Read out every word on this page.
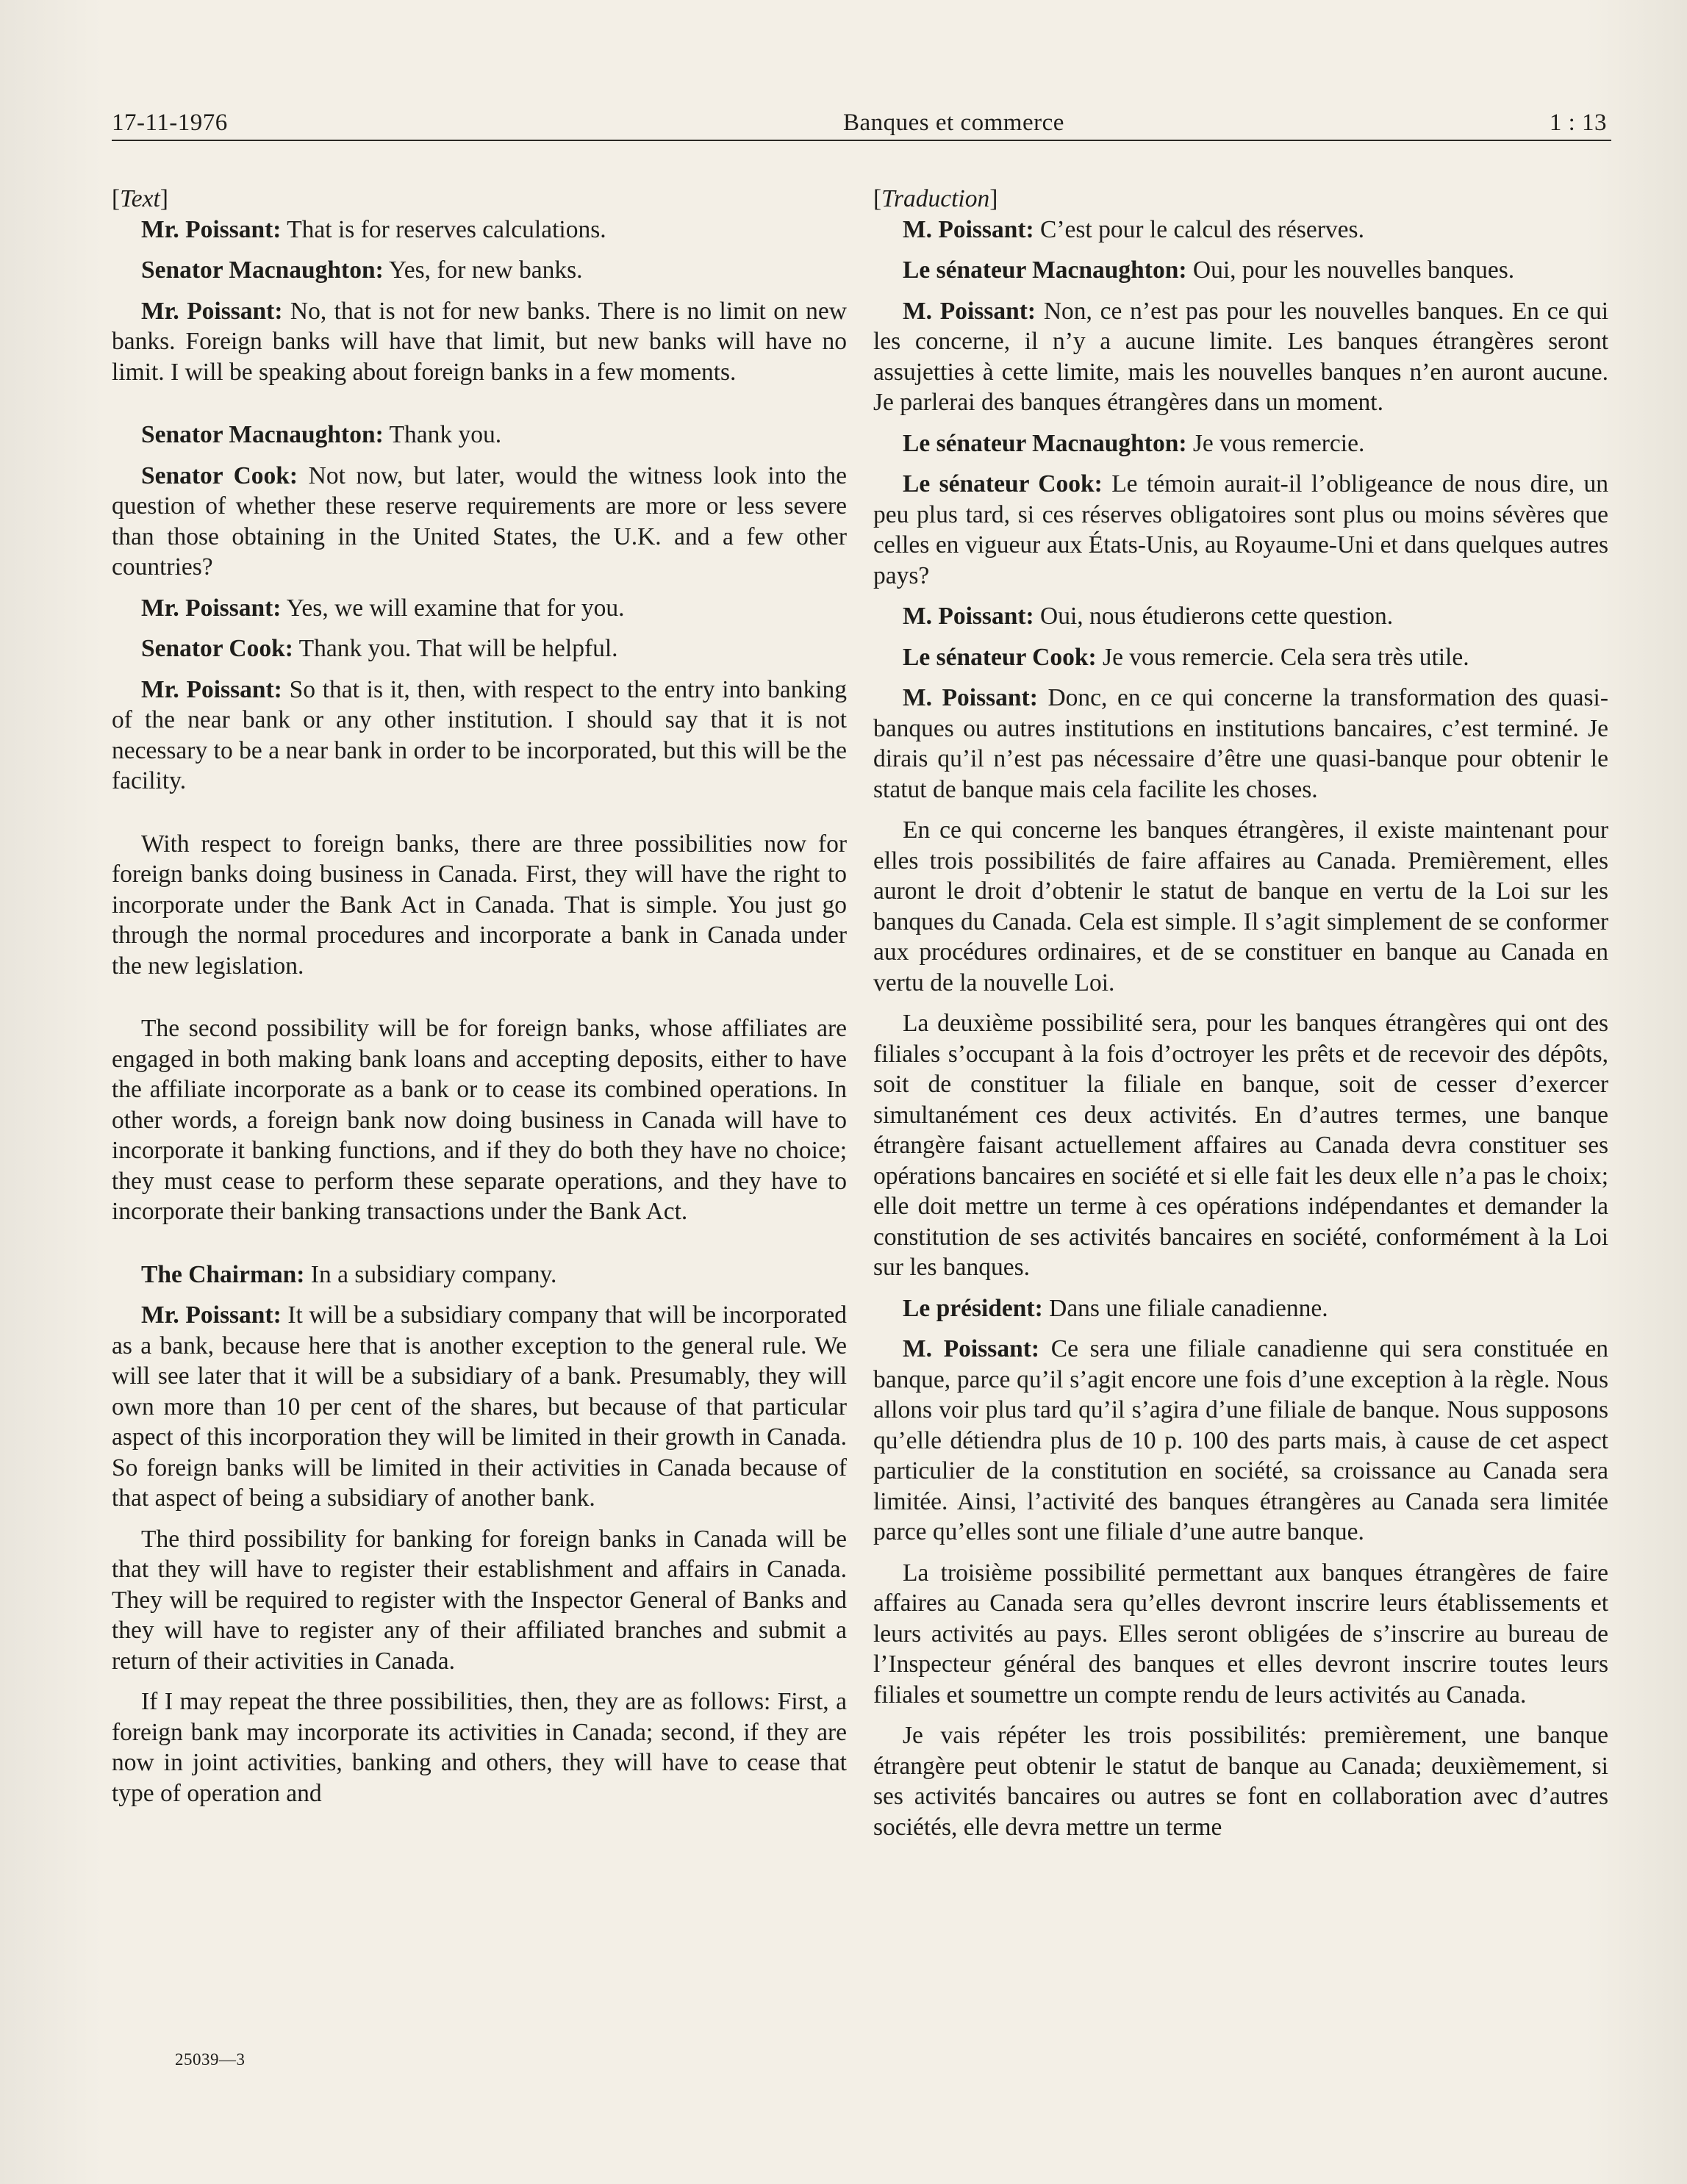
17-11-1976	Banques et commerce	1 : 13

[Text]

Mr. Poissant: That is for reserves calculations.

Senator Macnaughton: Yes, for new banks.

Mr. Poissant: No, that is not for new banks. There is no limit on new banks. Foreign banks will have that limit, but new banks will have no limit. I will be speaking about foreign banks in a few moments.

Senator Macnaughton: Thank you.

Senator Cook: Not now, but later, would the witness look into the question of whether these reserve requirements are more or less severe than those obtaining in the United States, the U.K. and a few other countries?

Mr. Poissant: Yes, we will examine that for you.

Senator Cook: Thank you. That will be helpful.

Mr. Poissant: So that is it, then, with respect to the entry into banking of the near bank or any other institution. I should say that it is not necessary to be a near bank in order to be incorporated, but this will be the facility.

With respect to foreign banks, there are three possibilities now for foreign banks doing business in Canada. First, they will have the right to incorporate under the Bank Act in Canada. That is simple. You just go through the normal procedures and incorporate a bank in Canada under the new legislation.

The second possibility will be for foreign banks, whose affiliates are engaged in both making bank loans and accepting deposits, either to have the affiliate incorporate as a bank or to cease its combined operations. In other words, a foreign bank now doing business in Canada will have to incorporate it banking functions, and if they do both they have no choice; they must cease to perform these separate operations, and they have to incorporate their banking transactions under the Bank Act.

The Chairman: In a subsidiary company.

Mr. Poissant: It will be a subsidiary company that will be incorporated as a bank, because here that is another exception to the general rule. We will see later that it will be a subsidiary of a bank. Presumably, they will own more than 10 per cent of the shares, but because of that particular aspect of this incorporation they will be limited in their growth in Canada. So foreign banks will be limited in their activities in Canada because of that aspect of being a subsidiary of another bank.

The third possibility for banking for foreign banks in Canada will be that they will have to register their establishment and affairs in Canada. They will be required to register with the Inspector General of Banks and they will have to register any of their affiliated branches and submit a return of their activities in Canada.

If I may repeat the three possibilities, then, they are as follows: First, a foreign bank may incorporate its activities in Canada; second, if they are now in joint activities, banking and others, they will have to cease that type of operation and

[Traduction]

M. Poissant: C’est pour le calcul des réserves.

Le sénateur Macnaughton: Oui, pour les nouvelles banques.

M. Poissant: Non, ce n’est pas pour les nouvelles banques. En ce qui les concerne, il n’y a aucune limite. Les banques étrangères seront assujetties à cette limite, mais les nouvelles banques n’en auront aucune. Je parlerai des banques étrangères dans un moment.

Le sénateur Macnaughton: Je vous remercie.

Le sénateur Cook: Le témoin aurait-il l’obligeance de nous dire, un peu plus tard, si ces réserves obligatoires sont plus ou moins sévères que celles en vigueur aux États-Unis, au Royaume-Uni et dans quelques autres pays?

M. Poissant: Oui, nous étudierons cette question.

Le sénateur Cook: Je vous remercie. Cela sera très utile.

M. Poissant: Donc, en ce qui concerne la transformation des quasi-banques ou autres institutions en institutions bancaires, c’est terminé. Je dirais qu’il n’est pas nécessaire d’être une quasi-banque pour obtenir le statut de banque mais cela facilite les choses.

En ce qui concerne les banques étrangères, il existe maintenant pour elles trois possibilités de faire affaires au Canada. Premièrement, elles auront le droit d’obtenir le statut de banque en vertu de la Loi sur les banques du Canada. Cela est simple. Il s’agit simplement de se conformer aux procédures ordinaires, et de se constituer en banque au Canada en vertu de la nouvelle Loi.

La deuxième possibilité sera, pour les banques étrangères qui ont des filiales s’occupant à la fois d’octroyer les prêts et de recevoir des dépôts, soit de constituer la filiale en banque, soit de cesser d’exercer simultanément ces deux activités. En d’autres termes, une banque étrangère faisant actuellement affaires au Canada devra constituer ses opérations bancaires en société et si elle fait les deux elle n’a pas le choix; elle doit mettre un terme à ces opérations indépendantes et demander la constitution de ses activités bancaires en société, conformément à la Loi sur les banques.

Le président: Dans une filiale canadienne.

M. Poissant: Ce sera une filiale canadienne qui sera constituée en banque, parce qu’il s’agit encore une fois d’une exception à la règle. Nous allons voir plus tard qu’il s’agira d’une filiale de banque. Nous supposons qu’elle détiendra plus de 10 p. 100 des parts mais, à cause de cet aspect particulier de la constitution en société, sa croissance au Canada sera limitée. Ainsi, l’activité des banques étrangères au Canada sera limitée parce qu’elles sont une filiale d’une autre banque.

La troisième possibilité permettant aux banques étrangères de faire affaires au Canada sera qu’elles devront inscrire leurs établissements et leurs activités au pays. Elles seront obligées de s’inscrire au bureau de l’Inspecteur général des banques et elles devront inscrire toutes leurs filiales et soumettre un compte rendu de leurs activités au Canada.

Je vais répéter les trois possibilités: premièrement, une banque étrangère peut obtenir le statut de banque au Canada; deuxièmement, si ses activités bancaires ou autres se font en collaboration avec d’autres sociétés, elle devra mettre un terme

25039—3
